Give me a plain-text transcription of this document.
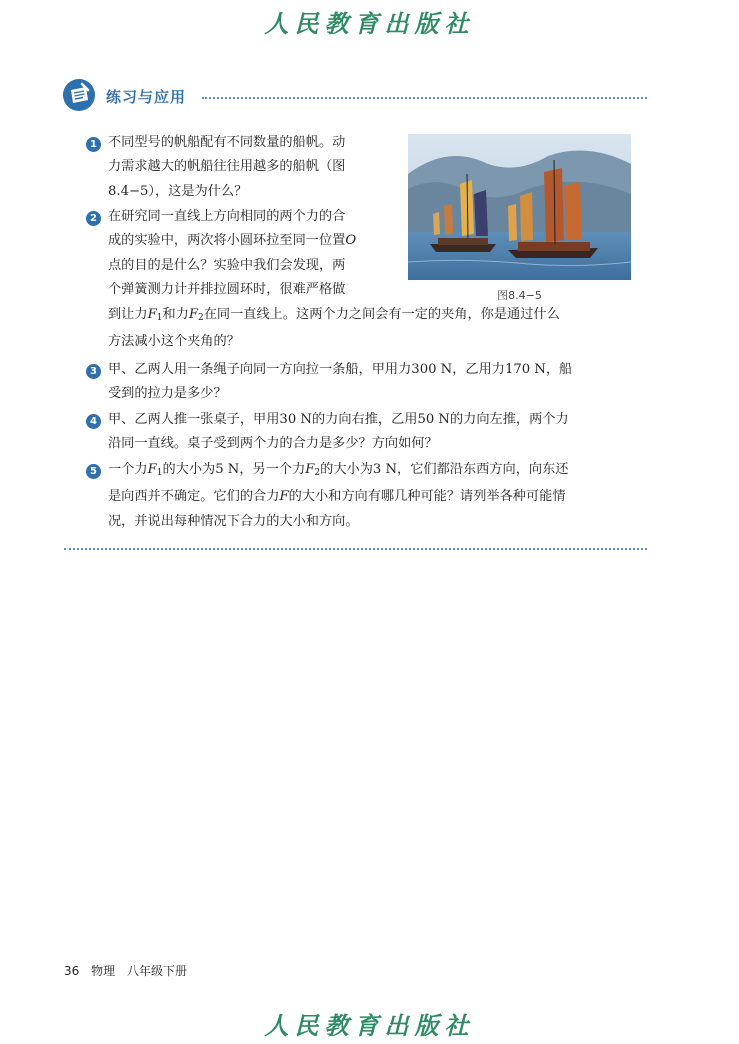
人民教育出版社
练习与应用
1 不同型号的帆船配有不同数量的船帆。动
力需求越大的帆船往往用越多的船帆（图
8.4−5），这是为什么？
2 在研究同一直线上方向相同的两个力的合
成的实验中，两次将小圆环拉至同一位置O
点的目的是什么？实验中我们会发现，两
个弹簧测力计并排拉圆环时，很难严格做
到让力$F_1$和力$F_2$在同一直线上。这两个力之间会有一定的夹角，你是通过什么
方法减小这个夹角的？
图8.4−5
3 甲、乙两人用一条绳子向同一方向拉一条船，甲用力300 N，乙用力170 N，船
受到的拉力是多少？
4 甲、乙两人推一张桌子，甲用30 N的力向右推，乙用50 N的力向左推，两个力
沿同一直线。桌子受到两个力的合力是多少？方向如何？
5 一个力$F_1$的大小为5 N，另一个力$F_2$的大小为3 N，它们都沿东西方向，向东还
是向西并不确定。它们的合力F的大小和方向有哪几种可能？请列举各种可能情
况，并说出每种情况下合力的大小和方向。
36 物理 八年级下册
人民教育出版社
